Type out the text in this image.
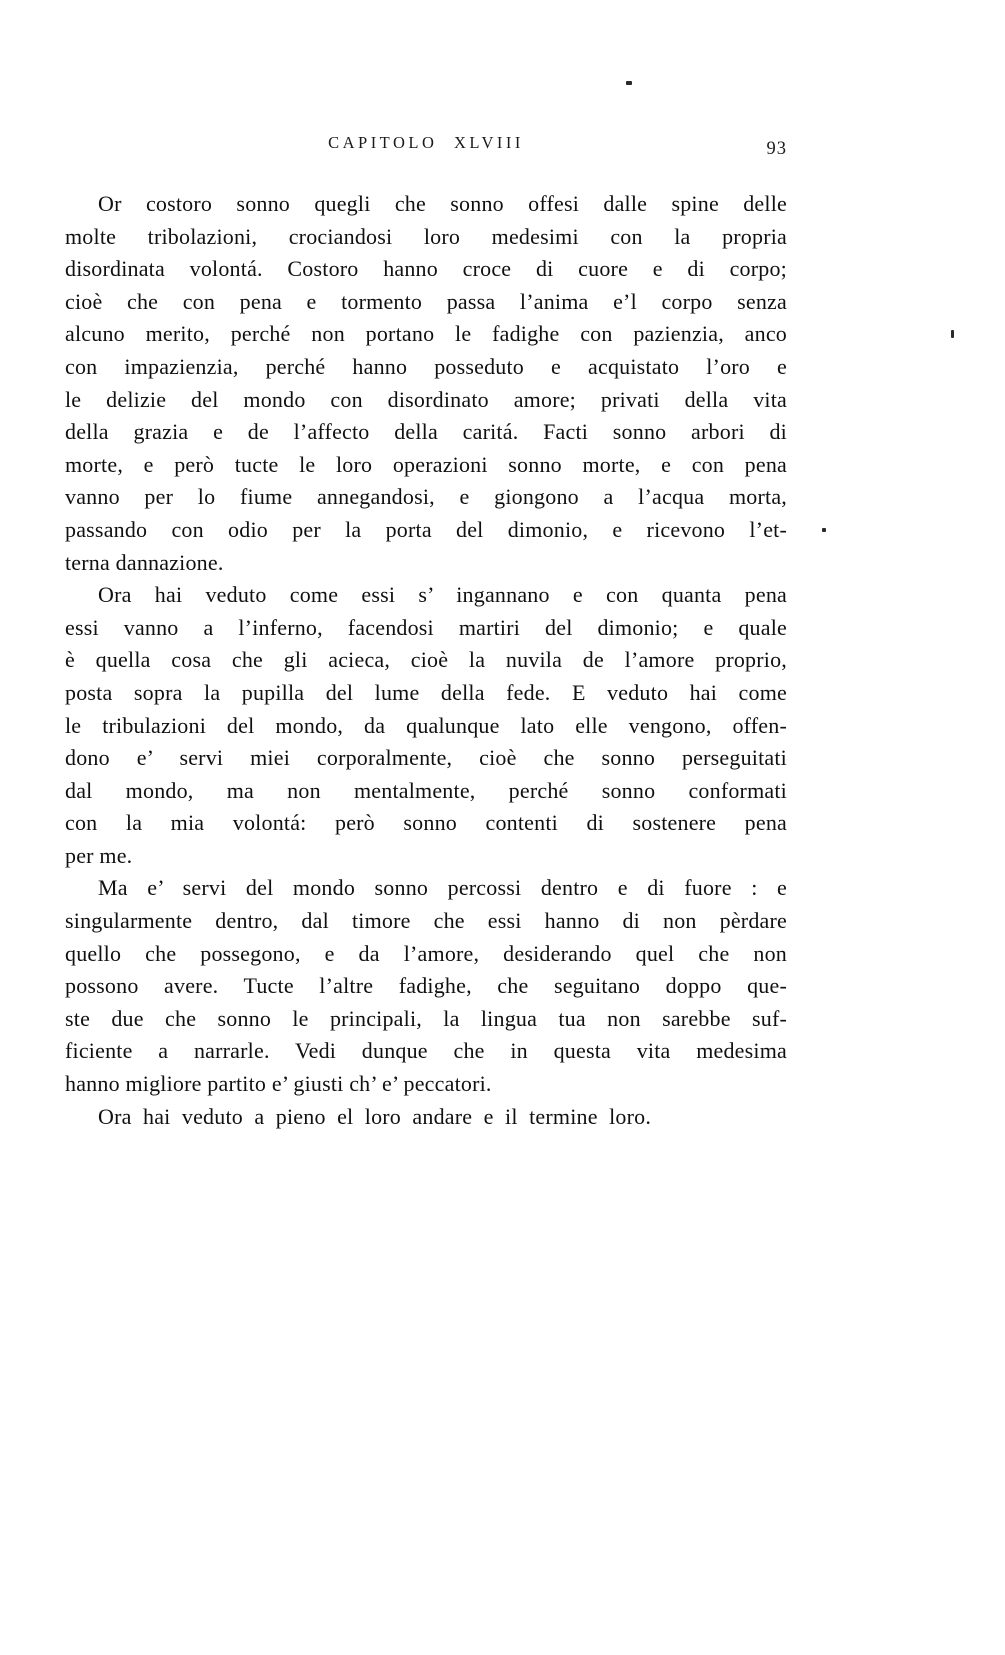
CAPITOLO XLVIII	93
Or costoro sonno quegli che sonno offesi dalle spine delle
molte tribolazioni, crociandosi loro medesimi con la propria
disordinata volontá. Costoro hanno croce di cuore e di corpo;
cioè che con pena e tormento passa l’anima e’l corpo senza
alcuno merito, perché non portano le fadighe con pazienzia, anco
con impazienzia, perché hanno posseduto e acquistato l’oro e
le delizie del mondo con disordinato amore; privati della vita
della grazia e de l’affecto della caritá. Facti sonno arbori di
morte, e però tucte le loro operazioni sonno morte, e con pena
vanno per lo fiume annegandosi, e giongono a l’acqua morta,
passando con odio per la porta del dimonio, e ricevono l’et-
terna dannazione.
Ora hai veduto come essi s’ ingannano e con quanta pena
essi vanno a l’inferno, facendosi martiri del dimonio; e quale
è quella cosa che gli acieca, cioè la nuvila de l’amore proprio,
posta sopra la pupilla del lume della fede. E veduto hai come
le tribulazioni del mondo, da qualunque lato elle vengono, offen-
dono e’ servi miei corporalmente, cioè che sonno perseguitati
dal mondo, ma non mentalmente, perché sonno conformati
con la mia volontá: però sonno contenti di sostenere pena
per me.
Ma e’ servi del mondo sonno percossi dentro e di fuore : e
singularmente dentro, dal timore che essi hanno di non pèrdare
quello che possegono, e da l’amore, desiderando quel che non
possono avere. Tucte l’altre fadighe, che seguitano doppo que-
ste due che sonno le principali, la lingua tua non sarebbe suf-
ficiente a narrarle. Vedi dunque che in questa vita medesima
hanno migliore partito e’ giusti ch’ e’ peccatori.
Ora hai veduto a pieno el loro andare e il termine loro.
